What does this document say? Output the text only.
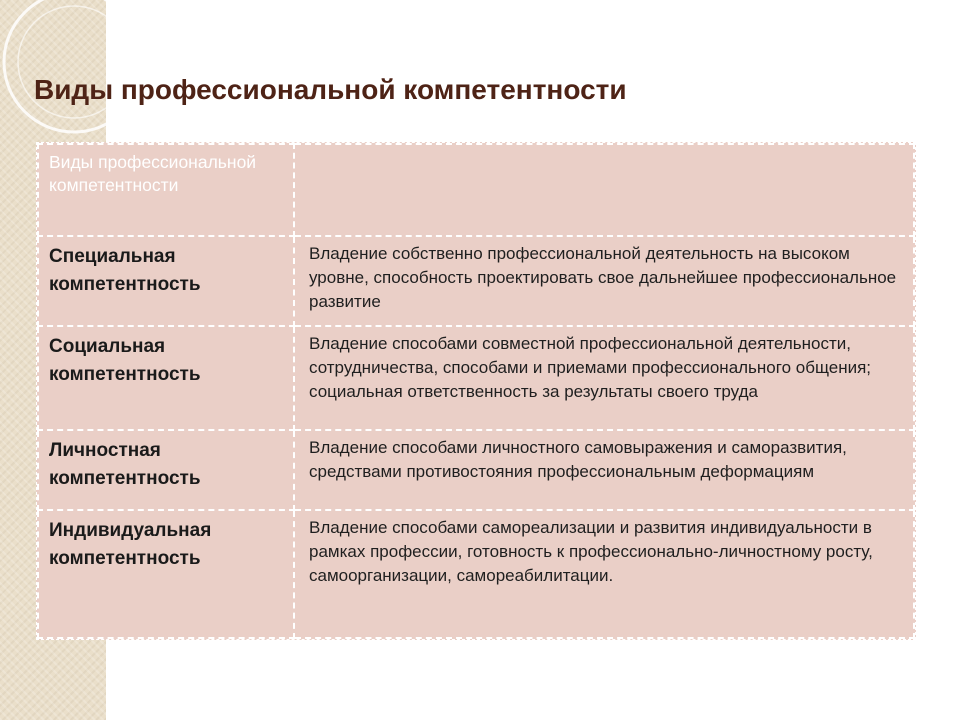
Виды профессиональной компетентности
Виды профессиональной компетентности	
Специальная компетентность	Владение собственно профессиональной деятельность на высоком уровне, способность проектировать свое дальнейшее профессиональное развитие
Социальная компетентность	Владение способами совместной профессиональной деятельности, сотрудничества, способами и приемами профессионального общения; социальная ответственность за результаты своего труда
Личностная компетентность	Владение способами личностного самовыражения и саморазвития, средствами противостояния профессиональным деформациям
Индивидуальная компетентность	Владение способами самореализации и развития индивидуальности в рамках профессии, готовность к профессионально-личностному росту, самоорганизации, самореабилитации.
